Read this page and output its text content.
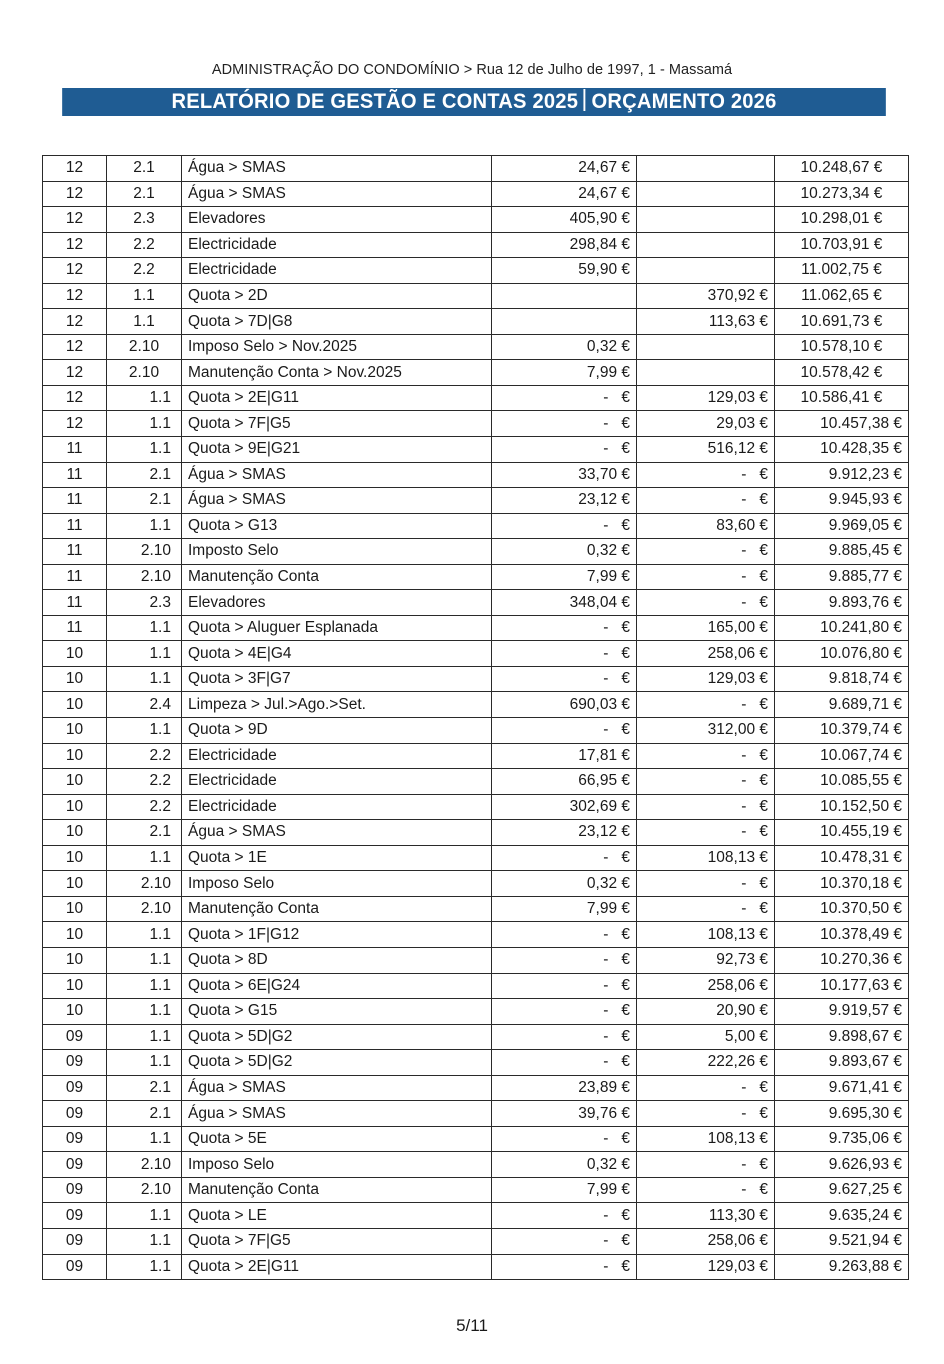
ADMINISTRAÇÃO DO CONDOMÍNIO > Rua 12 de Julho de 1997, 1 - Massamá
RELATÓRIO DE GESTÃO E CONTAS 2025 ORÇAMENTO 2026
12	2.1	Água > SMAS	24,67 €		10.248,67 €
12	2.1	Água > SMAS	24,67 €		10.273,34 €
12	2.3	Elevadores	405,90 €		10.298,01 €
12	2.2	Electricidade	298,84 €		10.703,91 €
12	2.2	Electricidade	59,90 €		11.002,75 €
12	1.1	Quota > 2D		370,92 €	11.062,65 €
12	1.1	Quota > 7D|G8		113,63 €	10.691,73 €
12	2.10	Imposo Selo > Nov.2025	0,32 €		10.578,10 €
12	2.10	Manutenção Conta > Nov.2025	7,99 €		10.578,42 €
12	1.1	Quota > 2E|G11	-   €	129,03 €	10.586,41 €
12	1.1	Quota > 7F|G5	-   €	29,03 €	10.457,38 €
11	1.1	Quota > 9E|G21	-   €	516,12 €	10.428,35 €
11	2.1	Água > SMAS	33,70 €	-   €	9.912,23 €
11	2.1	Água > SMAS	23,12 €	-   €	9.945,93 €
11	1.1	Quota > G13	-   €	83,60 €	9.969,05 €
11	2.10	Imposto Selo	0,32 €	-   €	9.885,45 €
11	2.10	Manutenção Conta	7,99 €	-   €	9.885,77 €
11	2.3	Elevadores	348,04 €	-   €	9.893,76 €
11	1.1	Quota > Aluguer Esplanada	-   €	165,00 €	10.241,80 €
10	1.1	Quota > 4E|G4	-   €	258,06 €	10.076,80 €
10	1.1	Quota > 3F|G7	-   €	129,03 €	9.818,74 €
10	2.4	Limpeza > Jul.>Ago.>Set.	690,03 €	-   €	9.689,71 €
10	1.1	Quota > 9D	-   €	312,00 €	10.379,74 €
10	2.2	Electricidade	17,81 €	-   €	10.067,74 €
10	2.2	Electricidade	66,95 €	-   €	10.085,55 €
10	2.2	Electricidade	302,69 €	-   €	10.152,50 €
10	2.1	Água > SMAS	23,12 €	-   €	10.455,19 €
10	1.1	Quota > 1E	-   €	108,13 €	10.478,31 €
10	2.10	Imposo Selo	0,32 €	-   €	10.370,18 €
10	2.10	Manutenção Conta	7,99 €	-   €	10.370,50 €
10	1.1	Quota > 1F|G12	-   €	108,13 €	10.378,49 €
10	1.1	Quota > 8D	-   €	92,73 €	10.270,36 €
10	1.1	Quota > 6E|G24	-   €	258,06 €	10.177,63 €
10	1.1	Quota > G15	-   €	20,90 €	9.919,57 €
09	1.1	Quota > 5D|G2	-   €	5,00 €	9.898,67 €
09	1.1	Quota > 5D|G2	-   €	222,26 €	9.893,67 €
09	2.1	Água > SMAS	23,89 €	-   €	9.671,41 €
09	2.1	Água > SMAS	39,76 €	-   €	9.695,30 €
09	1.1	Quota > 5E	-   €	108,13 €	9.735,06 €
09	2.10	Imposo Selo	0,32 €	-   €	9.626,93 €
09	2.10	Manutenção Conta	7,99 €	-   €	9.627,25 €
09	1.1	Quota > LE	-   €	113,30 €	9.635,24 €
09	1.1	Quota > 7F|G5	-   €	258,06 €	9.521,94 €
09	1.1	Quota > 2E|G11	-   €	129,03 €	9.263,88 €
5/11
